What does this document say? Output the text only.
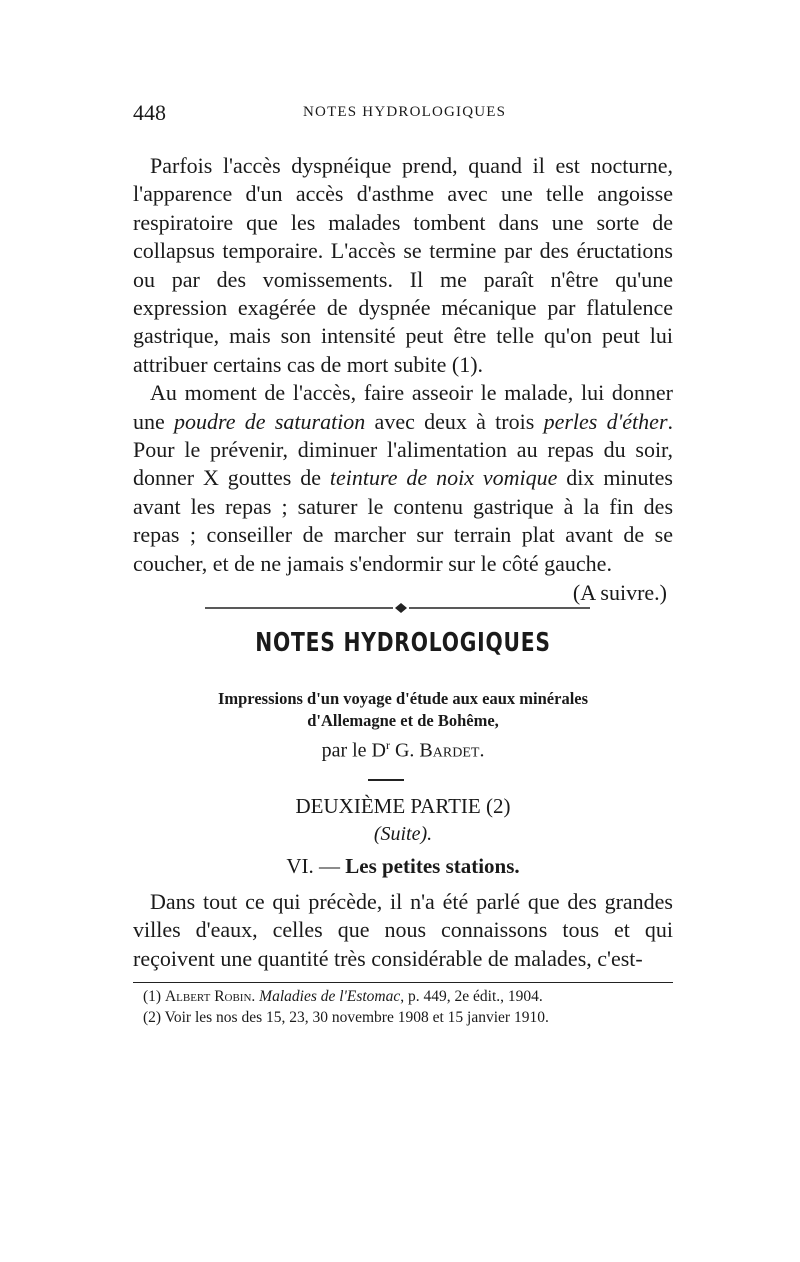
448	NOTES HYDROLOGIQUES

Parfois l'accès dyspnéique prend, quand il est nocturne, l'apparence d'un accès d'asthme avec une telle angoisse respiratoire que les malades tombent dans une sorte de collapsus temporaire. L'accès se termine par des éructations ou par des vomissements. Il me paraît n'être qu'une expression exagérée de dyspnée mécanique par flatulence gastrique, mais son intensité peut être telle qu'on peut lui attribuer certains cas de mort subite (1).

Au moment de l'accès, faire asseoir le malade, lui donner une poudre de saturation avec deux à trois perles d'éther. Pour le prévenir, diminuer l'alimentation au repas du soir, donner X gouttes de teinture de noix vomique dix minutes avant les repas ; saturer le contenu gastrique à la fin des repas ; conseiller de marcher sur terrain plat avant de se coucher, et de ne jamais s'endormir sur le côté gauche.

(A suivre.)
NOTES HYDROLOGIQUES
Impressions d'un voyage d'étude aux eaux minérales
d'Allemagne et de Bohême,
par le $D^r$ G. Bardet.
DEUXIÈME PARTIE (2)
(Suite).
VI. — Les petites stations.

Dans tout ce qui précède, il n'a été parlé que des grandes villes d'eaux, celles que nous connaissons tous et qui reçoivent une quantité très considérable de malades, c'est-

(1) Albert Robin. Maladies de l'Estomac, p. 449, 2e édit., 1904.

(2) Voir les nos des 15, 23, 30 novembre 1908 et 15 janvier 1910.
